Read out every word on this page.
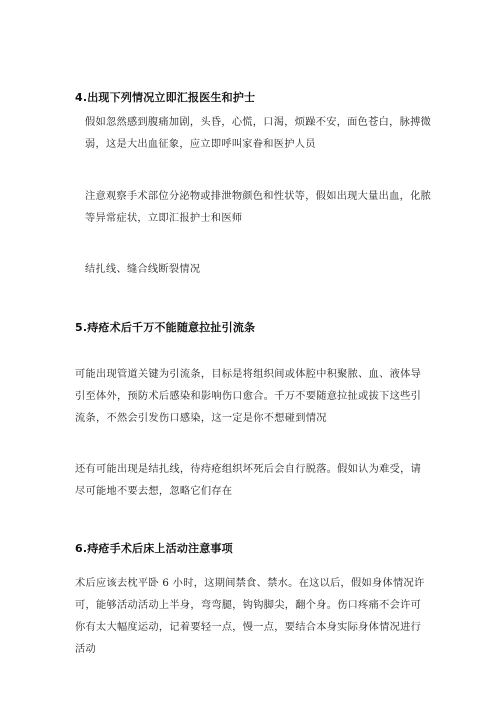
4.出现下列情况立即汇报医生和护士

假如忽然感到腹痛加剧，头昏，心慌，口渴，烦躁不安，面色苍白，脉搏微弱，这是大出血征象，应立即呼叫家眷和医护人员

注意观察手术部位分泌物或排泄物颜色和性状等，假如出现大量出血，化脓等异常症状，立即汇报护士和医师

结扎线、缝合线断裂情况

5.痔疮术后千万不能随意拉扯引流条

可能出现管道关键为引流条，目标是将组织间或体腔中积聚脓、血、液体导引至体外，预防术后感染和影响伤口愈合。千万不要随意拉扯或拔下这些引流条，不然会引发伤口感染，这一定是你不想碰到情况

还有可能出现是结扎线，待痔疮组织坏死后会自行脱落。假如认为难受，请尽可能地不要去想，忽略它们存在

6.痔疮手术后床上活动注意事项

术后应该去枕平卧 6 小时，这期间禁食、禁水。在这以后，假如身体情况许可，能够活动活动上半身，弯弯腿，钩钩脚尖，翻个身。伤口疼痛不会许可你有太大幅度运动，记着要轻一点，慢一点，要结合本身实际身体情况进行活动
